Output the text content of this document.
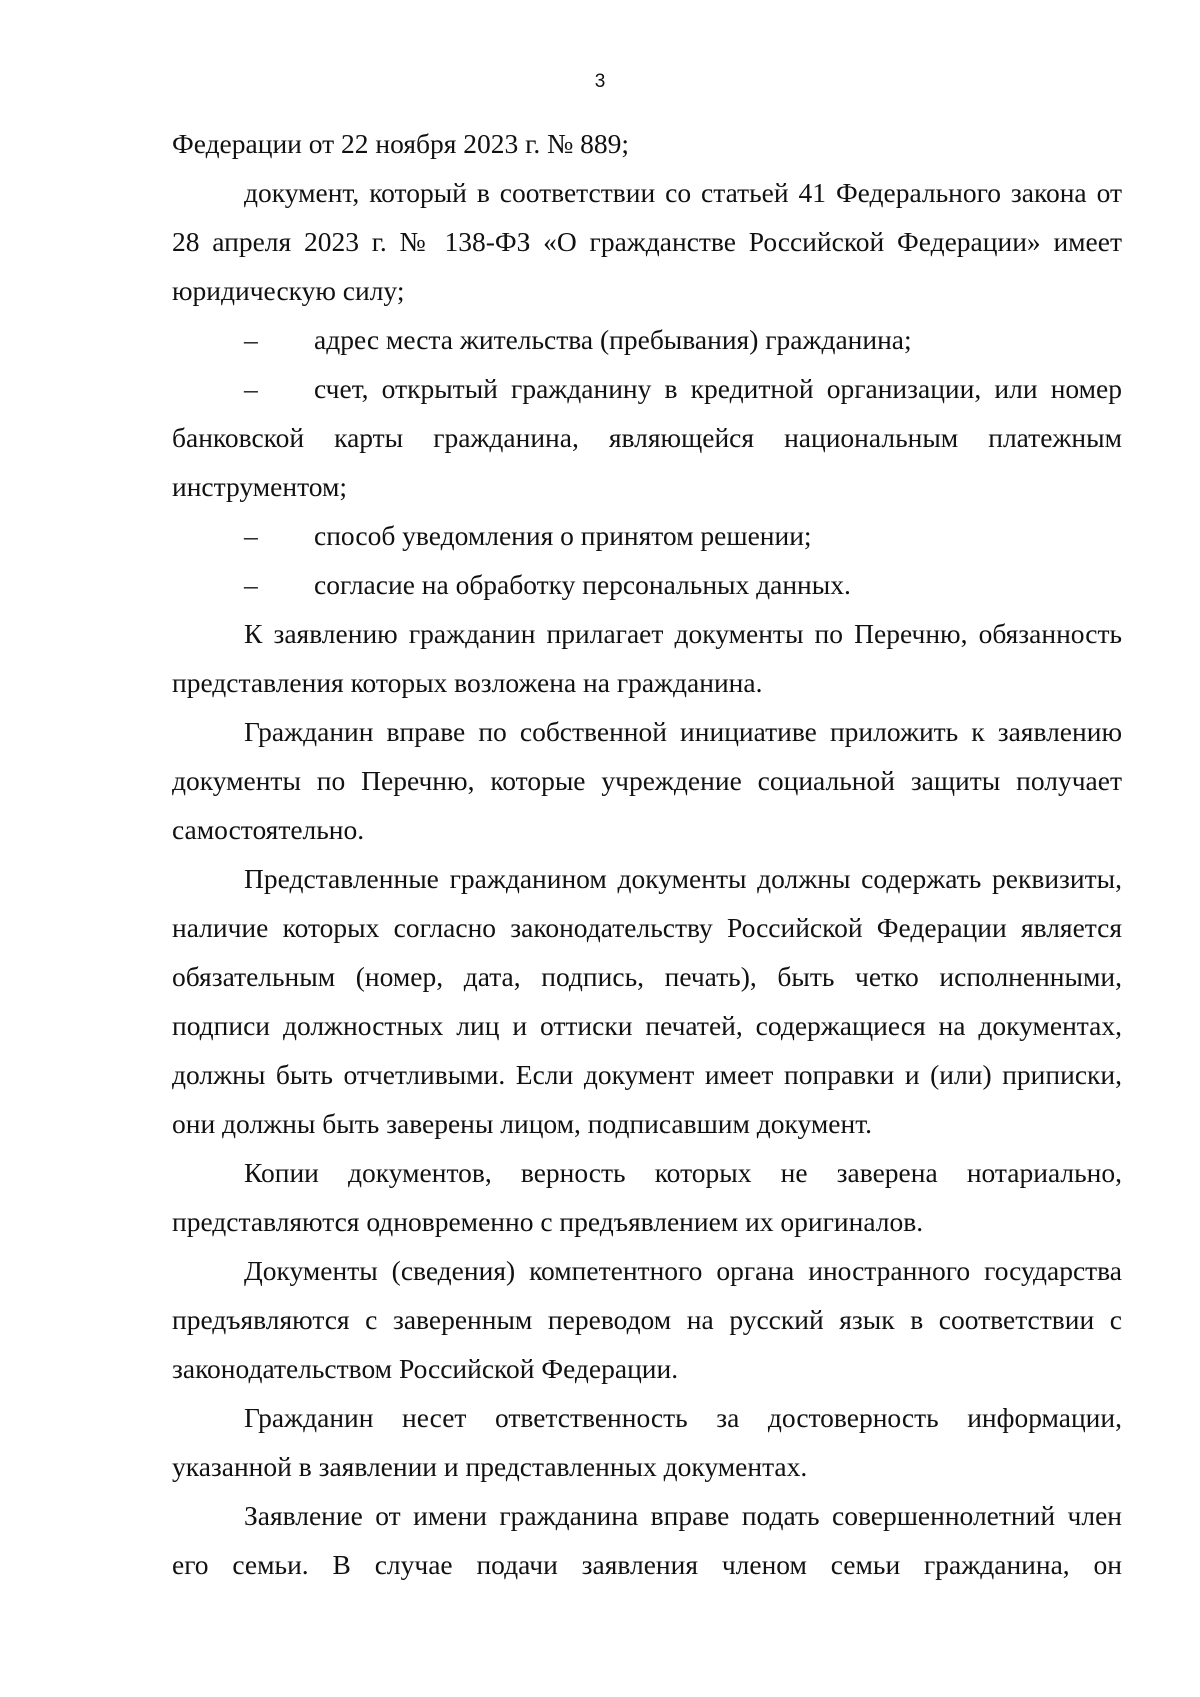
3

Федерации от 22 ноября 2023 г. № 889;

документ, который в соответствии со статьей 41 Федерального закона от 28 апреля 2023 г. № 138-ФЗ «О гражданстве Российской Федерации» имеет юридическую силу;

– адрес места жительства (пребывания) гражданина;

– счет, открытый гражданину в кредитной организации, или номер банковской карты гражданина, являющейся национальным платежным инструментом;

– способ уведомления о принятом решении;

– согласие на обработку персональных данных.

К заявлению гражданин прилагает документы по Перечню, обязанность представления которых возложена на гражданина.

Гражданин вправе по собственной инициативе приложить к заявлению документы по Перечню, которые учреждение социальной защиты получает самостоятельно.

Представленные гражданином документы должны содержать реквизиты, наличие которых согласно законодательству Российской Федерации является обязательным (номер, дата, подпись, печать), быть четко исполненными, подписи должностных лиц и оттиски печатей, содержащиеся на документах, должны быть отчетливыми. Если документ имеет поправки и (или) приписки, они должны быть заверены лицом, подписавшим документ.

Копии документов, верность которых не заверена нотариально, представляются одновременно с предъявлением их оригиналов.

Документы (сведения) компетентного органа иностранного государства предъявляются с заверенным переводом на русский язык в соответствии с законодательством Российской Федерации.

Гражданин несет ответственность за достоверность информации, указанной в заявлении и представленных документах.

Заявление от имени гражданина вправе подать совершеннолетний член его семьи. В случае подачи заявления членом семьи гражданина, он
